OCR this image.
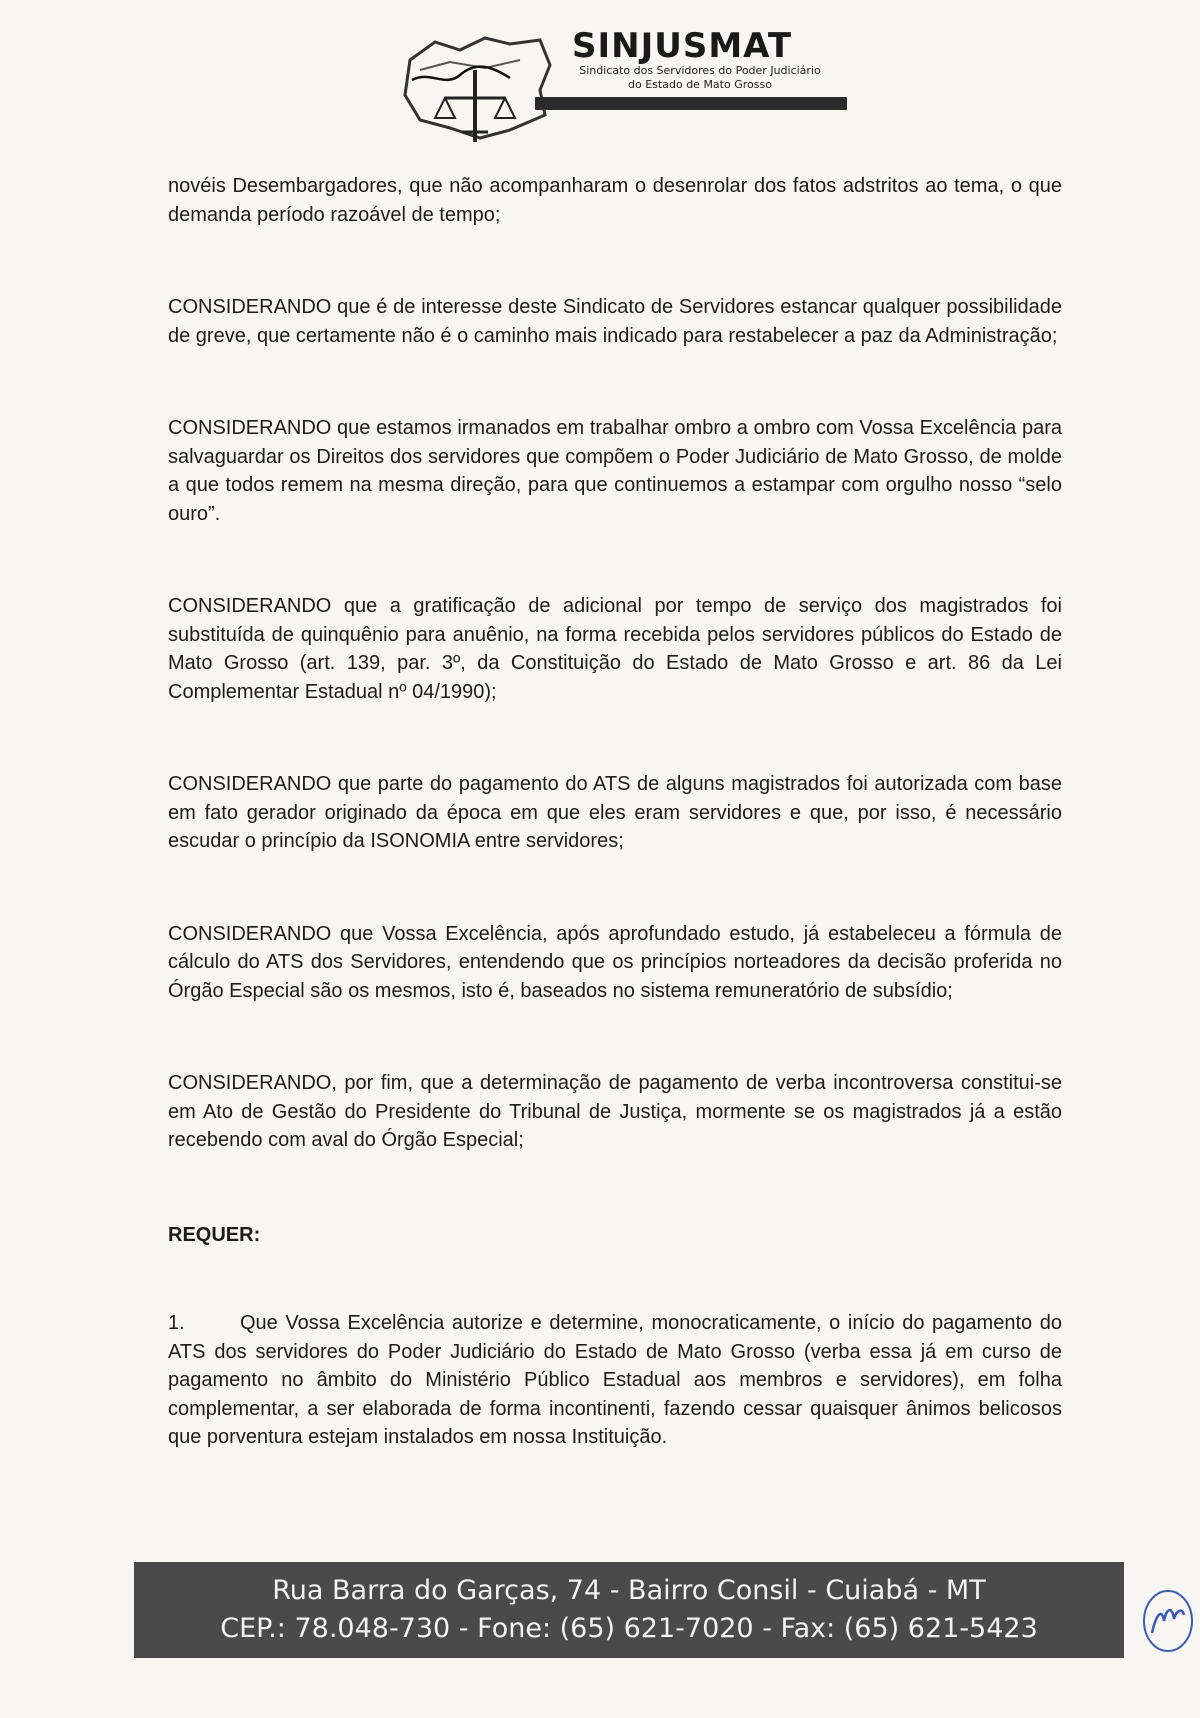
SINJUSMAT
Sindicato dos Servidores do Poder Judiciário
do Estado de Mato Grosso

novéis Desembargadores, que não acompanharam o desenrolar dos fatos adstritos ao tema, o que demanda período razoável de tempo;

CONSIDERANDO que é de interesse deste Sindicato de Servidores estancar qualquer possibilidade de greve, que certamente não é o caminho mais indicado para restabelecer a paz da Administração;

CONSIDERANDO que estamos irmanados em trabalhar ombro a ombro com Vossa Excelência para salvaguardar os Direitos dos servidores que compõem o Poder Judiciário de Mato Grosso, de molde a que todos remem na mesma direção, para que continuemos a estampar com orgulho nosso “selo ouro”.

CONSIDERANDO que a gratificação de adicional por tempo de serviço dos magistrados foi substituída de quinquênio para anuênio, na forma recebida pelos servidores públicos do Estado de Mato Grosso (art. 139, par. 3º, da Constituição do Estado de Mato Grosso e art. 86 da Lei Complementar Estadual nº 04/1990);

CONSIDERANDO que parte do pagamento do ATS de alguns magistrados foi autorizada com base em fato gerador originado da época em que eles eram servidores e que, por isso, é necessário escudar o princípio da ISONOMIA entre servidores;

CONSIDERANDO que Vossa Excelência, após aprofundado estudo, já estabeleceu a fórmula de cálculo do ATS dos Servidores, entendendo que os princípios norteadores da decisão proferida no Órgão Especial são os mesmos, isto é, baseados no sistema remuneratório de subsídio;

CONSIDERANDO, por fim, que a determinação de pagamento de verba incontroversa constitui-se em Ato de Gestão do Presidente do Tribunal de Justiça, mormente se os magistrados já a estão recebendo com aval do Órgão Especial;

REQUER:

1.	Que Vossa Excelência autorize e determine, monocraticamente, o início do pagamento do ATS dos servidores do Poder Judiciário do Estado de Mato Grosso (verba essa já em curso de pagamento no âmbito do Ministério Público Estadual aos membros e servidores), em folha complementar, a ser elaborada de forma incontinenti, fazendo cessar quaisquer ânimos belicosos que porventura estejam instalados em nossa Instituição.

Rua Barra do Garças, 74 - Bairro Consil - Cuiabá - MT
CEP.: 78.048-730 - Fone: (65) 621-7020 - Fax: (65) 621-5423
